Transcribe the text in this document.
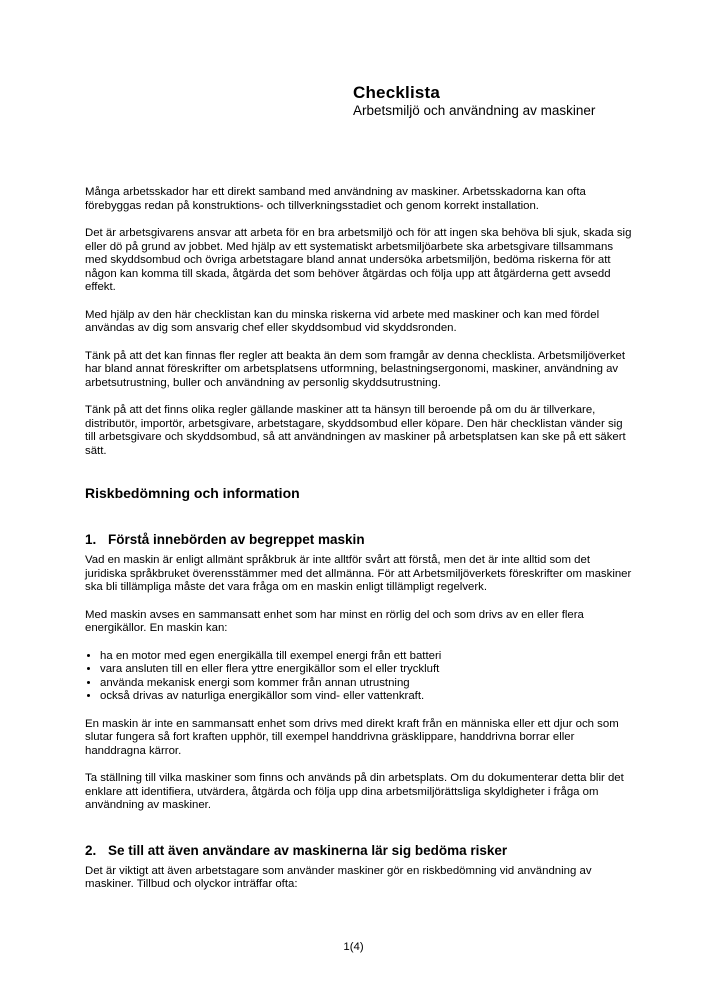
Checklista
Arbetsmiljö och användning av maskiner

Många arbetsskador har ett direkt samband med användning av maskiner. Arbetsskadorna kan ofta förebyggas redan på konstruktions- och tillverkningsstadiet och genom korrekt installation.

Det är arbetsgivarens ansvar att arbeta för en bra arbetsmiljö och för att ingen ska behöva bli sjuk, skada sig eller dö på grund av jobbet. Med hjälp av ett systematiskt arbetsmiljöarbete ska arbetsgivare tillsammans med skyddsombud och övriga arbetstagare bland annat undersöka arbetsmiljön, bedöma riskerna för att någon kan komma till skada, åtgärda det som behöver åtgärdas och följa upp att åtgärderna gett avsedd effekt.

Med hjälp av den här checklistan kan du minska riskerna vid arbete med maskiner och kan med fördel användas av dig som ansvarig chef eller skyddsombud vid skyddsronden.

Tänk på att det kan finnas fler regler att beakta än dem som framgår av denna checklista. Arbetsmiljöverket har bland annat föreskrifter om arbetsplatsens utformning, belastningsergonomi, maskiner, användning av arbetsutrustning, buller och användning av personlig skyddsutrustning.

Tänk på att det finns olika regler gällande maskiner att ta hänsyn till beroende på om du är tillverkare, distributör, importör, arbetsgivare, arbetstagare, skyddsombud eller köpare. Den här checklistan vänder sig till arbetsgivare och skyddsombud, så att användningen av maskiner på arbetsplatsen kan ske på ett säkert sätt.

Riskbedömning och information
1. Förstå innebörden av begreppet maskin

Vad en maskin är enligt allmänt språkbruk är inte alltför svårt att förstå, men det är inte alltid som det juridiska språkbruket överensstämmer med det allmänna. För att Arbetsmiljöverkets föreskrifter om maskiner ska bli tillämpliga måste det vara fråga om en maskin enligt tillämpligt regelverk.

Med maskin avses en sammansatt enhet som har minst en rörlig del och som drivs av en eller flera energikällor. En maskin kan:

• ha en motor med egen energikälla till exempel energi från ett batteri
• vara ansluten till en eller flera yttre energikällor som el eller tryckluft
• använda mekanisk energi som kommer från annan utrustning
• också drivas av naturliga energikällor som vind- eller vattenkraft.

En maskin är inte en sammansatt enhet som drivs med direkt kraft från en människa eller ett djur och som slutar fungera så fort kraften upphör, till exempel handdrivna gräsklippare, handdrivna borrar eller handdragna kärror.

Ta ställning till vilka maskiner som finns och används på din arbetsplats. Om du dokumenterar detta blir det enklare att identifiera, utvärdera, åtgärda och följa upp dina arbetsmiljörättsliga skyldigheter i fråga om användning av maskiner.

2. Se till att även användare av maskinerna lär sig bedöma risker

Det är viktigt att även arbetstagare som använder maskiner gör en riskbedömning vid användning av maskiner. Tillbud och olyckor inträffar ofta:

1(4)
